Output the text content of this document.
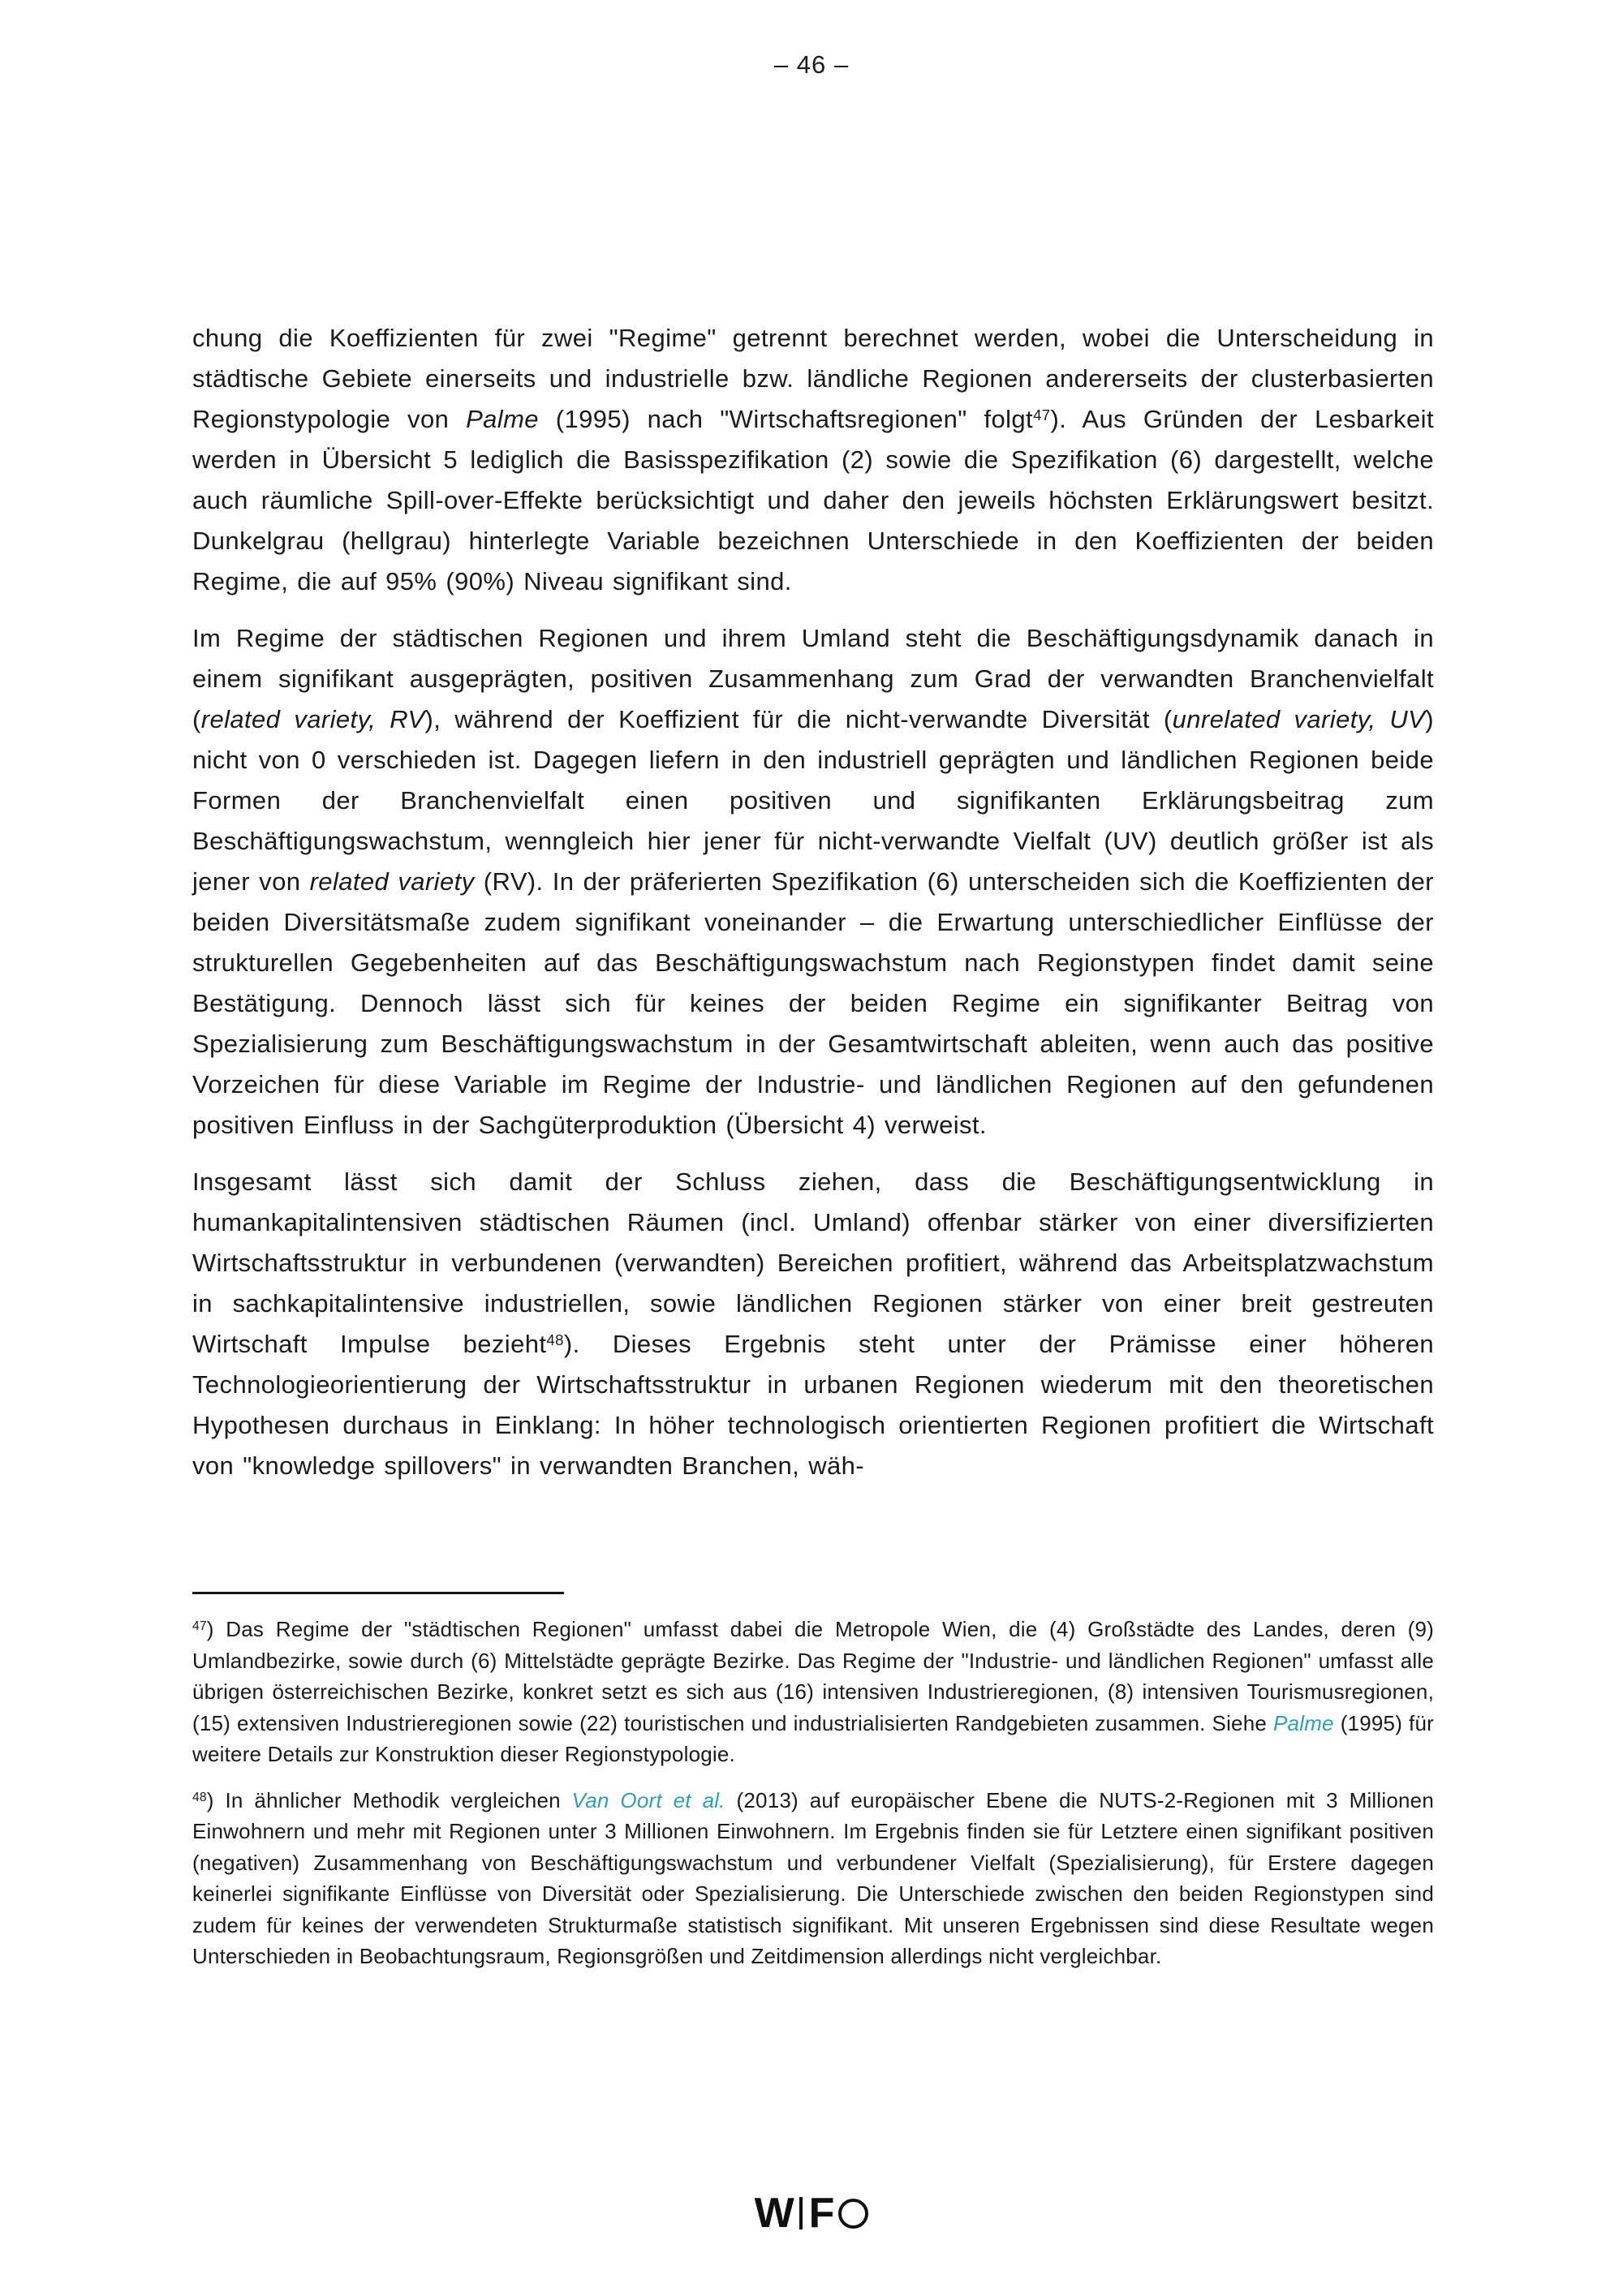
– 46 –

chung die Koeffizienten für zwei "Regime" getrennt berechnet werden, wobei die Unterscheidung in städtische Gebiete einerseits und industrielle bzw. ländliche Regionen andererseits der clusterbasierten Regionstypologie von Palme (1995) nach "Wirtschaftsregionen" folgt$^{47}$). Aus Gründen der Lesbarkeit werden in Übersicht 5 lediglich die Basisspezifikation (2) sowie die Spezifikation (6) dargestellt, welche auch räumliche Spill-over-Effekte berücksichtigt und daher den jeweils höchsten Erklärungswert besitzt. Dunkelgrau (hellgrau) hinterlegte Variable bezeichnen Unterschiede in den Koeffizienten der beiden Regime, die auf 95% (90%) Niveau signifikant sind.

Im Regime der städtischen Regionen und ihrem Umland steht die Beschäftigungsdynamik danach in einem signifikant ausgeprägten, positiven Zusammenhang zum Grad der verwandten Branchenvielfalt (related variety, RV), während der Koeffizient für die nicht-verwandte Diversität (unrelated variety, UV) nicht von 0 verschieden ist. Dagegen liefern in den industriell geprägten und ländlichen Regionen beide Formen der Branchenvielfalt einen positiven und signifikanten Erklärungsbeitrag zum Beschäftigungswachstum, wenngleich hier jener für nicht-verwandte Vielfalt (UV) deutlich größer ist als jener von related variety (RV). In der präferierten Spezifikation (6) unterscheiden sich die Koeffizienten der beiden Diversitätsmaße zudem signifikant voneinander – die Erwartung unterschiedlicher Einflüsse der strukturellen Gegebenheiten auf das Beschäftigungswachstum nach Regionstypen findet damit seine Bestätigung. Dennoch lässt sich für keines der beiden Regime ein signifikanter Beitrag von Spezialisierung zum Beschäftigungswachstum in der Gesamtwirtschaft ableiten, wenn auch das positive Vorzeichen für diese Variable im Regime der Industrie- und ländlichen Regionen auf den gefundenen positiven Einfluss in der Sachgüterproduktion (Übersicht 4) verweist.

Insgesamt lässt sich damit der Schluss ziehen, dass die Beschäftigungsentwicklung in humankapitalintensiven städtischen Räumen (incl. Umland) offenbar stärker von einer diversifizierten Wirtschaftsstruktur in verbundenen (verwandten) Bereichen profitiert, während das Arbeitsplatzwachstum in sachkapitalintensive industriellen, sowie ländlichen Regionen stärker von einer breit gestreuten Wirtschaft Impulse bezieht$^{48}$). Dieses Ergebnis steht unter der Prämisse einer höheren Technologieorientierung der Wirtschaftsstruktur in urbanen Regionen wiederum mit den theoretischen Hypothesen durchaus in Einklang: In höher technologisch orientierten Regionen profitiert die Wirtschaft von "knowledge spillovers" in verwandten Branchen, wäh-

$^{47}$) Das Regime der "städtischen Regionen" umfasst dabei die Metropole Wien, die (4) Großstädte des Landes, deren (9) Umlandbezirke, sowie durch (6) Mittelstädte geprägte Bezirke. Das Regime der "Industrie- und ländlichen Regionen" umfasst alle übrigen österreichischen Bezirke, konkret setzt es sich aus (16) intensiven Industrieregionen, (8) intensiven Tourismusregionen, (15) extensiven Industrieregionen sowie (22) touristischen und industrialisierten Randgebieten zusammen. Siehe Palme (1995) für weitere Details zur Konstruktion dieser Regionstypologie.

$^{48}$) In ähnlicher Methodik vergleichen Van Oort et al. (2013) auf europäischer Ebene die NUTS-2-Regionen mit 3 Millionen Einwohnern und mehr mit Regionen unter 3 Millionen Einwohnern. Im Ergebnis finden sie für Letztere einen signifikant positiven (negativen) Zusammenhang von Beschäftigungswachstum und verbundener Vielfalt (Spezialisierung), für Erstere dagegen keinerlei signifikante Einflüsse von Diversität oder Spezialisierung. Die Unterschiede zwischen den beiden Regionstypen sind zudem für keines der verwendeten Strukturmaße statistisch signifikant. Mit unseren Ergebnissen sind diese Resultate wegen Unterschieden in Beobachtungsraum, Regionsgrößen und Zeitdimension allerdings nicht vergleichbar.

W F
